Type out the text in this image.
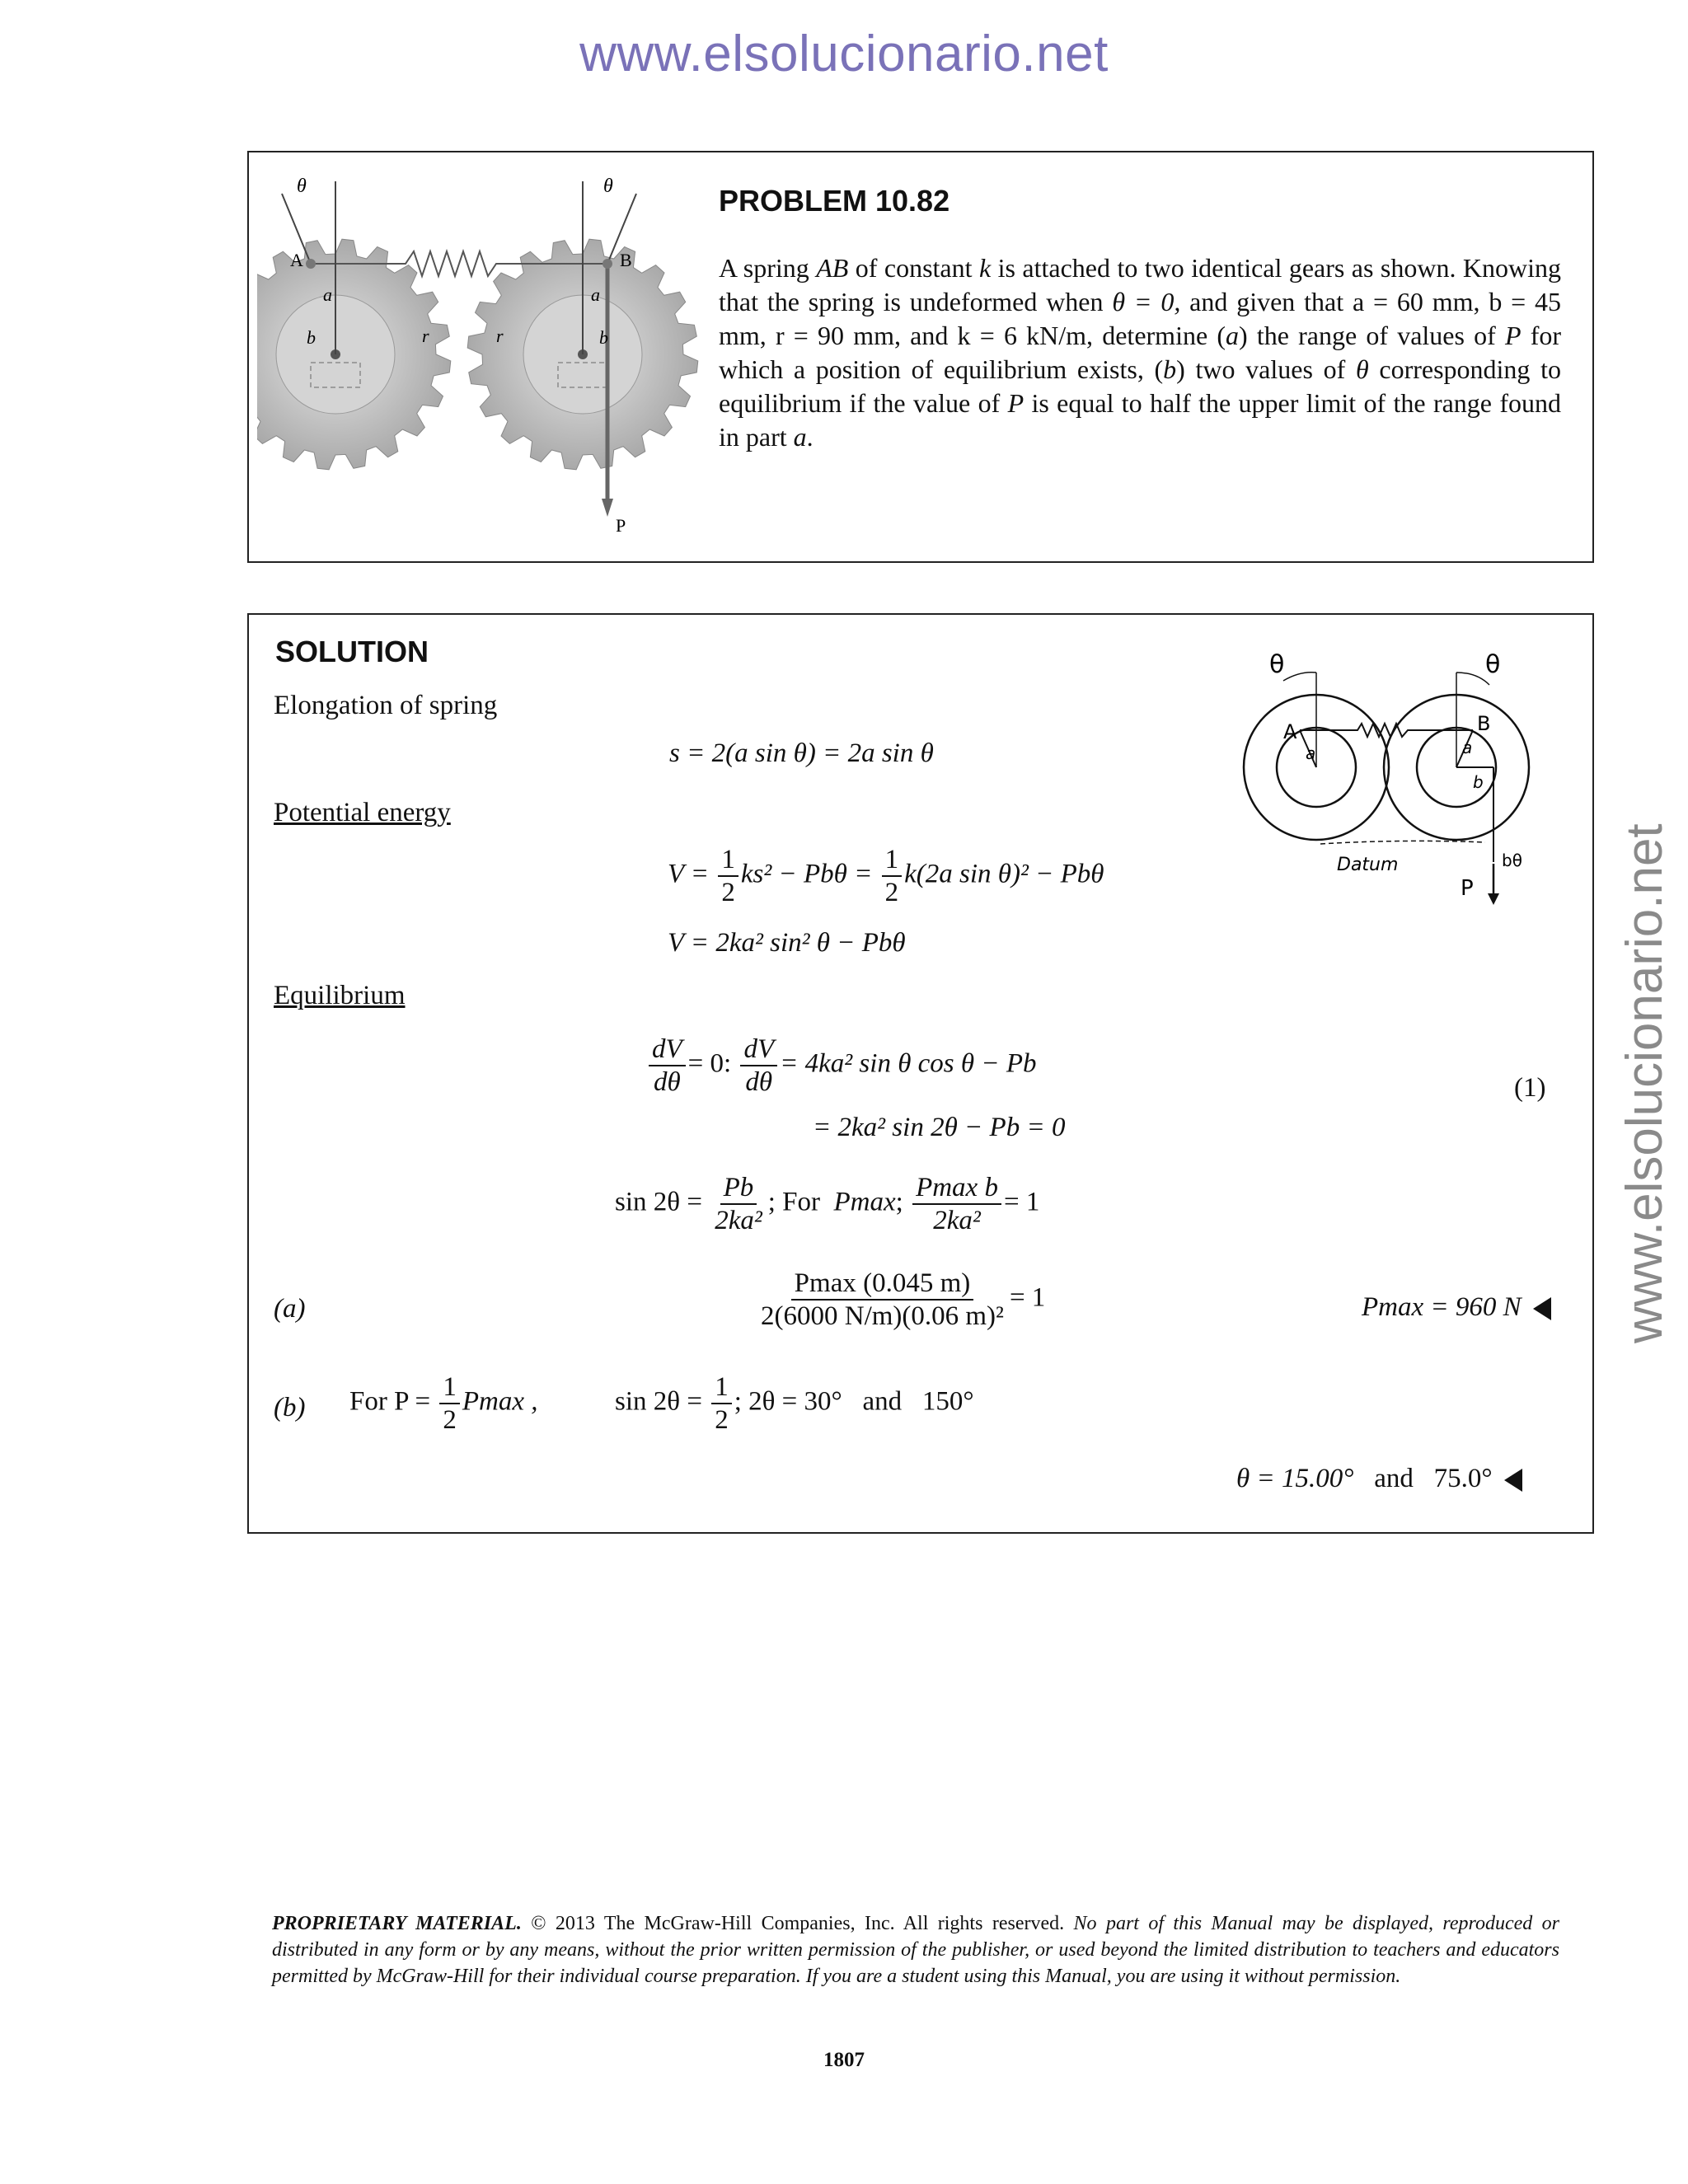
www.elsolucionario.net
www.elsolucionario.net
θ	θ
A	B
a	a
b	b
r	r
P
PROBLEM 10.82
A spring AB of constant k is attached to two identical gears as shown. Knowing that the spring is undeformed when θ = 0, and given that a = 60 mm, b = 45 mm, r = 90 mm, and k = 6 kN/m, determine (a) the range of values of P for which a position of equilibrium exists, (b) two values of θ corresponding to equilibrium if the value of P is equal to half the upper limit of the range found in part a.
SOLUTION	θ	θ
A	B
a	a
b
Datum
P
bθ
Elongation of spring
s = 2(a sin θ) = 2a sin θ
Potential energy
$V = \frac{1}{2} ks^2 - Pb\theta = \frac{1}{2} k(2a$ sin θ)² − Pbθ
V = 2ka² sin² θ − Pbθ
Equilibrium
$\frac{dV}{d\theta} = 0$: $\frac{dV}{d\theta} = 4ka^2$ sin θ cos θ − Pb
(1)
= 2ka² sin 2θ − Pb = 0
$\sin 2\theta = \frac{Pb}{\text{2ka²}}$ ; For Pmax; $\frac{\text{Pmax b}}{\text{2ka²}} = 1$
(a)	$\frac{Pmax (0.045 m)}{\text{2(6000 N/m)(0.06 m)²}} = 1$	Pmax = 960 N
(b) For $P = \frac{1}{2}$ Pmax ,	$\sin 2\theta = \frac{1}{2}$ ; 2θ = 30° and 150°
θ = 15.00° and 75.0°
PROPRIETARY MATERIAL. © 2013 The McGraw-Hill Companies, Inc. All rights reserved. No part of this Manual may be displayed, reproduced or distributed in any form or by any means, without the prior written permission of the publisher, or used beyond the limited distribution to teachers and educators permitted by McGraw-Hill for their individual course preparation. If you are a student using this Manual, you are using it without permission.
1807
